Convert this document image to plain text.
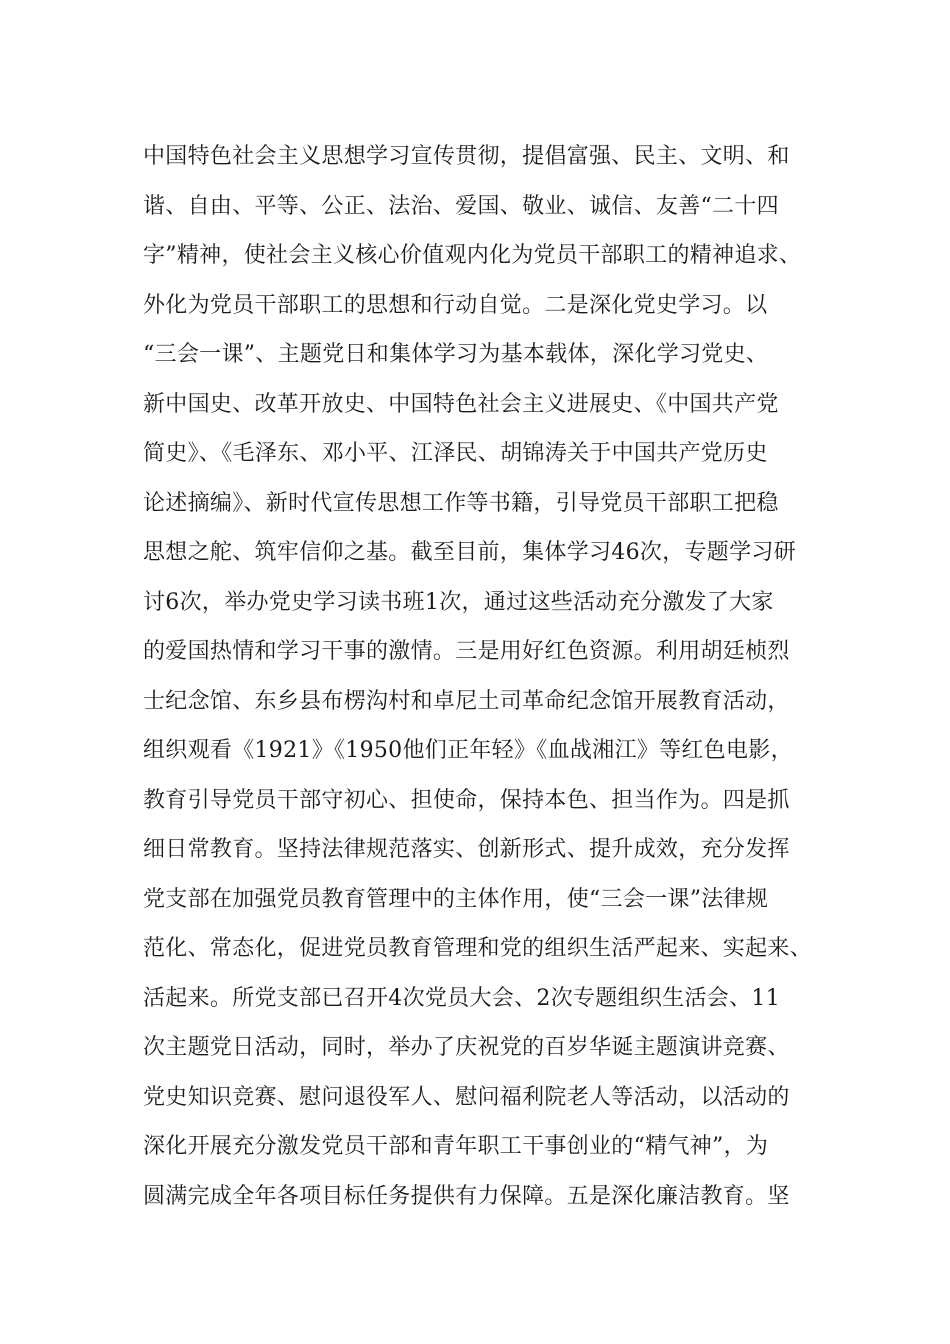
中国特色社会主义思想学习宣传贯彻，提倡富强、民主、文明、和
谐、自由、平等、公正、法治、爱国、敬业、诚信、友善“二十四
字”精神，使社会主义核心价值观内化为党员干部职工的精神追求、
外化为党员干部职工的思想和行动自觉。二是深化党史学习。以
“三会一课”、主题党日和集体学习为基本载体，深化学习党史、
新中国史、改革开放史、中国特色社会主义进展史、《中国共产党
简史》、《毛泽东、邓小平、江泽民、胡锦涛关于中国共产党历史
论述摘编》、新时代宣传思想工作等书籍，引导党员干部职工把稳
思想之舵、筑牢信仰之基。截至目前，集体学习46次，专题学习研
讨6次，举办党史学习读书班1次，通过这些活动充分激发了大家
的爱国热情和学习干事的激情。三是用好红色资源。利用胡廷桢烈
士纪念馆、东乡县布楞沟村和卓尼土司革命纪念馆开展教育活动，
组织观看《1921》《1950他们正年轻》《血战湘江》等红色电影，
教育引导党员干部守初心、担使命，保持本色、担当作为。四是抓
细日常教育。坚持法律规范落实、创新形式、提升成效，充分发挥
党支部在加强党员教育管理中的主体作用，使“三会一课”法律规
范化、常态化，促进党员教育管理和党的组织生活严起来、实起来、
活起来。所党支部已召开4次党员大会、2次专题组织生活会、11
次主题党日活动，同时，举办了庆祝党的百岁华诞主题演讲竞赛、
党史知识竞赛、慰问退役军人、慰问福利院老人等活动，以活动的
深化开展充分激发党员干部和青年职工干事创业的“精气神”，为
圆满完成全年各项目标任务提供有力保障。五是深化廉洁教育。坚
